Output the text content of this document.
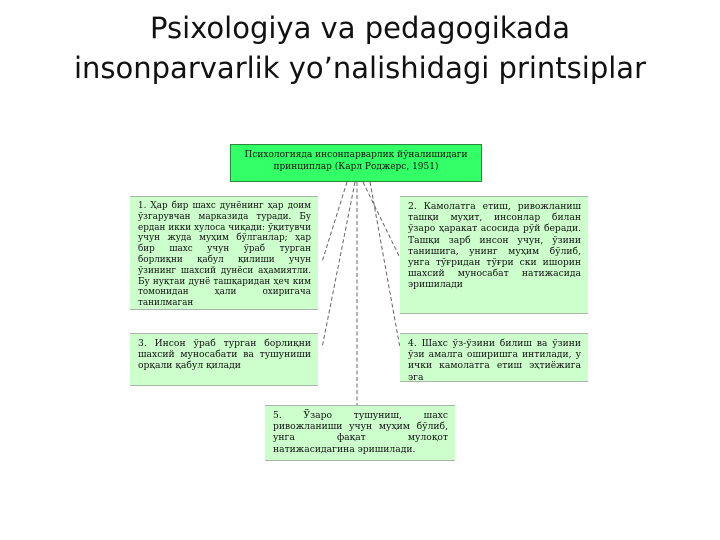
Psixologiya va pedagogikada
insonparvarlik yo’nalishidagi printsiplar
Психологияда инсонпарварлик йўналишидаги
принциплар (Карл Роджерс, 1951)
1. Ҳар бир шахс дунёнинг ҳар доим ўзгарувчан марказида туради. Бу ердан икки хулоса чиқади: ўқитувчи учун жуда муҳим бўлганлар; ҳар бир шахс учун ўраб турган борлиқни қабул қилиши учун ўзининг шахсий дунёси аҳамиятли. Бу нуқтаи дунё ташқаридан ҳеч ким томонидан ҳали охиригача танилмаган
2. Камолатга етиш, ривожланиш ташқи муҳит, инсонлар билан ўзаро ҳаракат асосида рўй беради. Ташқи зарб инсон учун, ўзини танишига, унинг муҳим бўлиб, унга тўғридан тўғри ски ишорин шахсий муносабат натижасида эришилади
3. Инсон ўраб турган борлиқни шахсий муносабати ва тушуниши орқали қабул қилади
4. Шахс ўз-ўзини билиш ва ўзини ўзи амалга оширишга интилади, у ички камолатга етиш эҳтиёжига эга
5. Ўзаро тушуниш, шахс ривожланиши учун муҳим бўлиб, унга фақат мулоқот натижасидагина эришилади.
